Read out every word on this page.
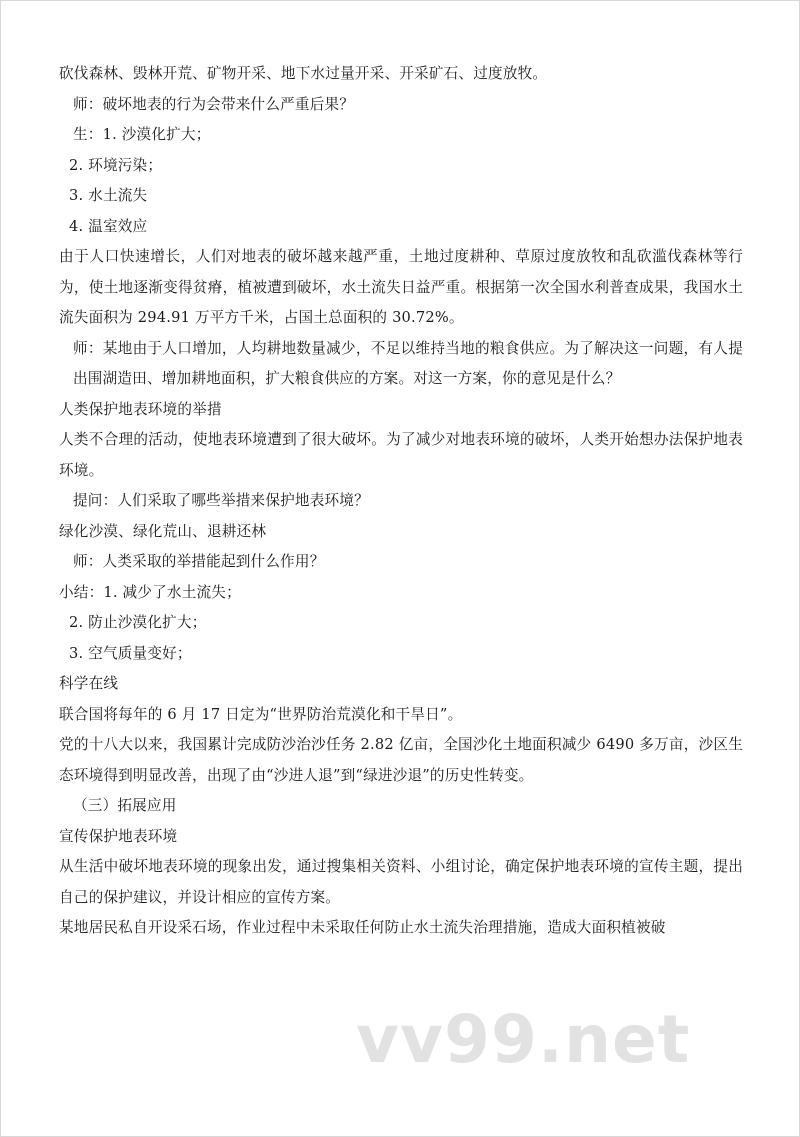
砍伐森林、毁林开荒、矿物开采、地下水过量开采、开采矿石、过度放牧。
师：破坏地表的行为会带来什么严重后果？
生：1. 沙漠化扩大；
2. 环境污染；
3. 水土流失
4. 温室效应
由于人口快速增长，人们对地表的破坏越来越严重，土地过度耕种、草原过度放牧和乱砍滥伐森林等行为，使土地逐渐变得贫瘠，植被遭到破坏，水土流失日益严重。根据第一次全国水利普查成果，我国水土流失面积为 294.91 万平方千米，占国土总面积的 30.72%。
师：某地由于人口增加，人均耕地数量减少，不足以维持当地的粮食供应。为了解决这一问题，有人提出围湖造田、增加耕地面积，扩大粮食供应的方案。对这一方案，你的意见是什么？
人类保护地表环境的举措
人类不合理的活动，使地表环境遭到了很大破坏。为了减少对地表环境的破坏，人类开始想办法保护地表环境。
提问：人们采取了哪些举措来保护地表环境？
绿化沙漠、绿化荒山、退耕还林
师：人类采取的举措能起到什么作用？
小结：1. 减少了水土流失；
2. 防止沙漠化扩大；
3. 空气质量变好；
科学在线
联合国将每年的 6 月 17 日定为“世界防治荒漠化和干旱日”。
党的十八大以来，我国累计完成防沙治沙任务 2.82 亿亩，全国沙化土地面积减少 6490 多万亩，沙区生态环境得到明显改善，出现了由“沙进人退”到“绿进沙退”的历史性转变。
（三）拓展应用
宣传保护地表环境
从生活中破坏地表环境的现象出发，通过搜集相关资料、小组讨论，确定保护地表环境的宣传主题，提出自己的保护建议，并设计相应的宣传方案。
某地居民私自开设采石场，作业过程中未采取任何防止水土流失治理措施，造成大面积植被破
vv99.net
